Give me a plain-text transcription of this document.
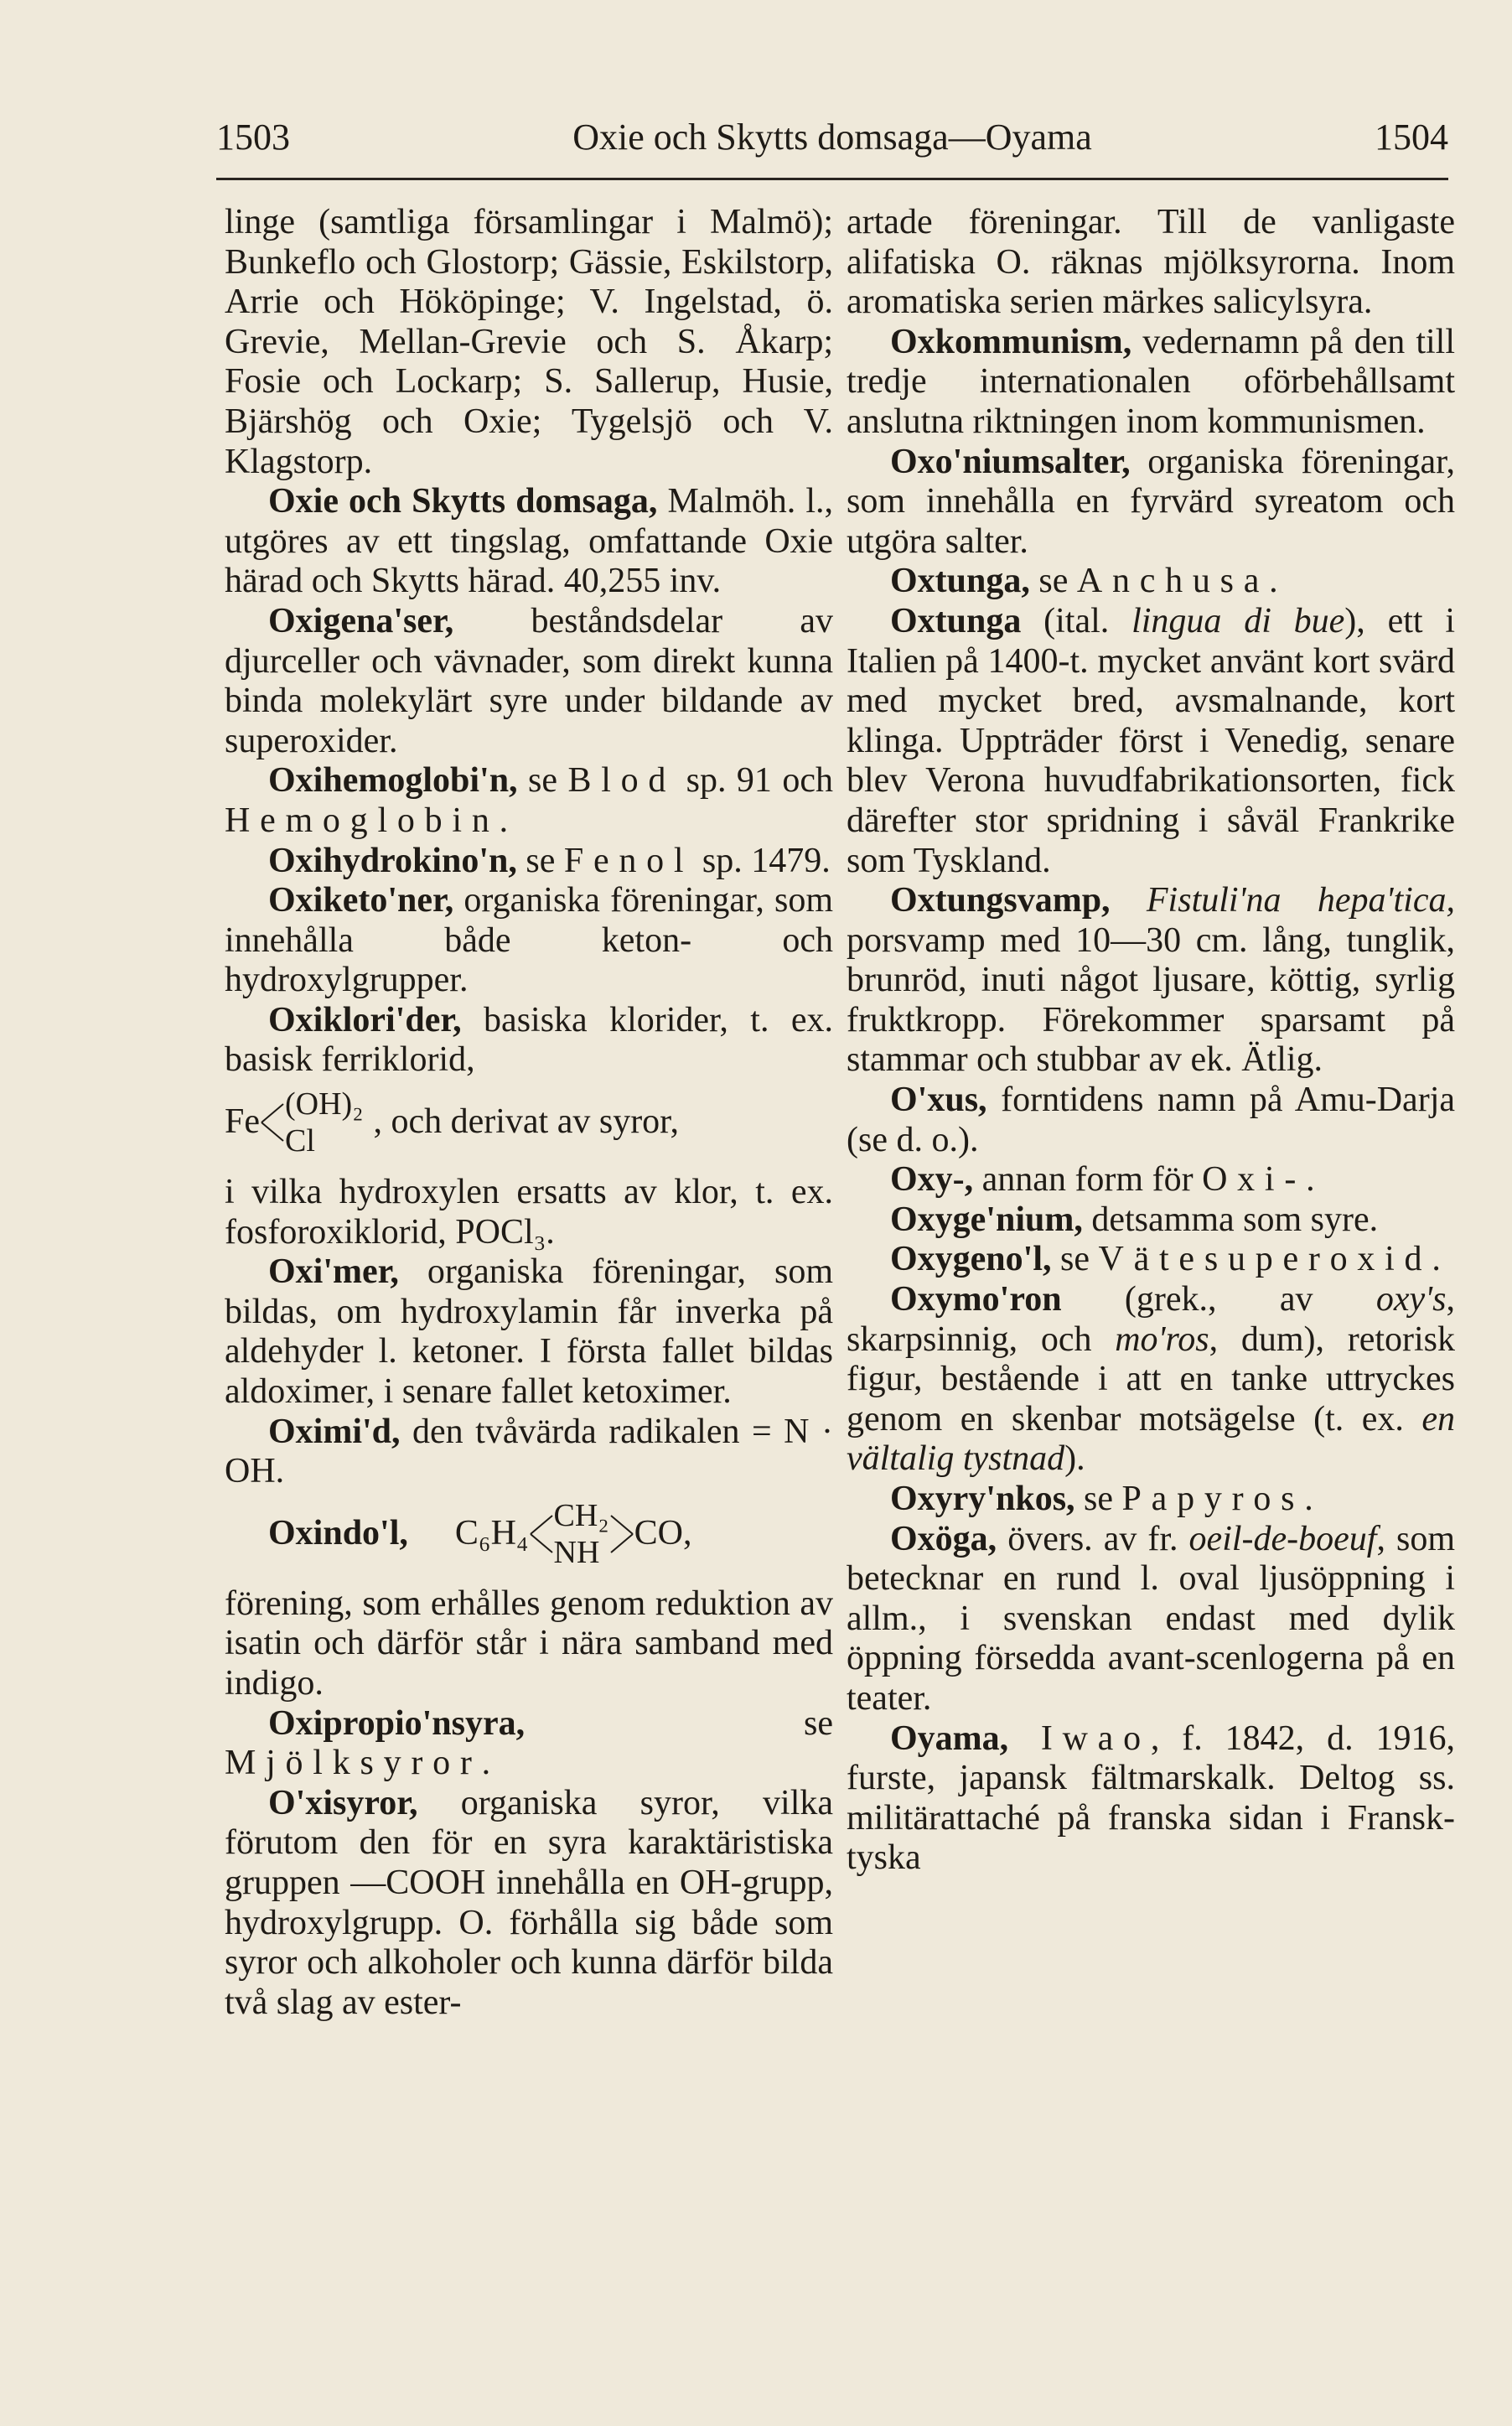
1503	Oxie och Skytts domsaga—Oyama	1504

linge (samtliga församlingar i Malmö); Bunkeflo och Glostorp; Gässie, Eskilstorp, Arrie och Hököpinge; V. Ingelstad, ö. Grevie, Mellan-Grevie och S. Åkarp; Fosie och Lockarp; S. Sallerup, Husie, Bjärshög och Oxie; Tygelsjö och V. Klagstorp.

Oxie och Skytts domsaga, Malmöh. l., utgöres av ett tingslag, omfattande Oxie härad och Skytts härad. 40,255 inv.

Oxigena'ser, beståndsdelar av djurceller och vävnader, som direkt kunna binda molekylärt syre under bildande av superoxider.

Oxihemoglobi'n, se Blod sp. 91 och Hemoglobin.

Oxihydrokino'n, se Fenol sp. 1479.

Oxiketo'ner, organiska föreningar, som innehålla både keton- och hydroxylgrupper.

Oxiklori'der, basiska klorider, t. ex. basisk ferriklorid,

Fe (OH)₂
Cl	, och derivat av syror,

i vilka hydroxylen ersatts av klor, t. ex. fosforoxiklorid, POCl₃.

Oxi'mer, organiska föreningar, som bildas, om hydroxylamin får inverka på aldehyder l. ketoner. I första fallet bildas aldoximer, i senare fallet ketoximer.

Oximi'd, den tvåvärda radikalen = N · OH.

Oxindo'l, C₆H₄ CH₂
NH CO,

förening, som erhålles genom reduktion av isatin och därför står i nära samband med indigo.

Oxipropio'nsyra, se Mjölksyror.

O'xisyror, organiska syror, vilka förutom den för en syra karaktäristiska gruppen —COOH innehålla en OH-grupp, hydroxylgrupp. O. förhålla sig både som syror och alkoholer och kunna därför bilda två slag av ester-

artade föreningar. Till de vanligaste alifatiska O. räknas mjölksyrorna. Inom aromatiska serien märkes salicylsyra.

Oxkommunism, vedernamn på den till tredje internationalen oförbehållsamt anslutna riktningen inom kommunismen.

Oxo'niumsalter, organiska föreningar, som innehålla en fyrvärd syreatom och utgöra salter.

Oxtunga, se Anchusa.

Oxtunga (ital. lingua di bue), ett i Italien på 1400-t. mycket använt kort svärd med mycket bred, avsmalnande, kort klinga. Uppträder först i Venedig, senare blev Verona huvudfabrikationsorten, fick därefter stor spridning i såväl Frankrike som Tyskland.

Oxtungsvamp, Fistuli'na hepa'tica, porsvamp med 10—30 cm. lång, tunglik, brunröd, inuti något ljusare, köttig, syrlig fruktkropp. Förekommer sparsamt på stammar och stubbar av ek. Ätlig.

O'xus, forntidens namn på Amu-Darja (se d. o.).

Oxy-, annan form för Oxi-.

Oxyge'nium, detsamma som syre.

Oxygeno'l, se Vätesuperoxid.

Oxymo'ron (grek., av oxy's, skarpsinnig, och mo'ros, dum), retorisk figur, bestående i att en tanke uttryckes genom en skenbar motsägelse (t. ex. en vältalig tystnad).

Oxyry'nkos, se Papyros.

Oxöga, övers. av fr. oeil-de-boeuf, som betecknar en rund l. oval ljusöppning i allm., i svenskan endast med dylik öppning försedda avant-scenlogerna på en teater.

Oyama, Iwao, f. 1842, d. 1916, furste, japansk fältmarskalk. Deltog ss. militärattaché på franska sidan i Fransk-tyska
